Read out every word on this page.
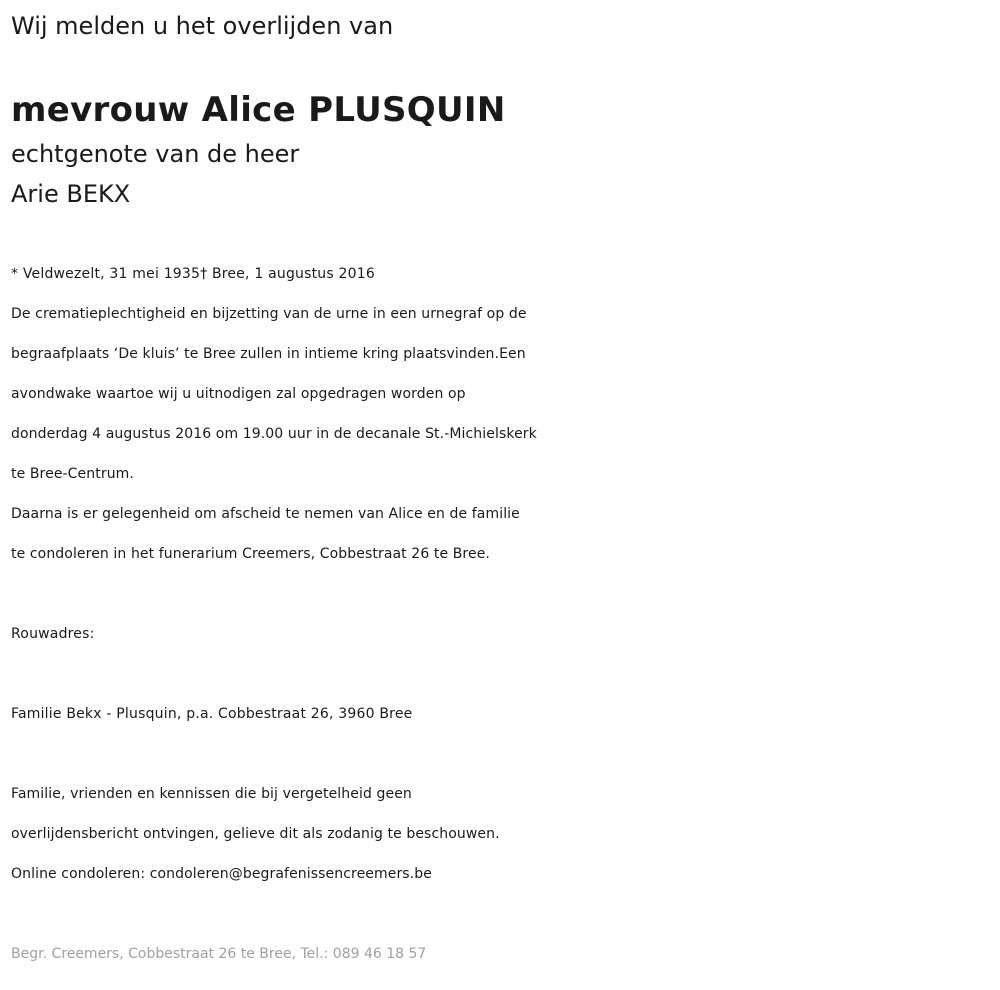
Wij melden u het overlijden van
mevrouw Alice PLUSQUIN
echtgenote van de heer
Arie BEKX
* Veldwezelt, 31 mei 1935† Bree, 1 augustus 2016
De crematieplechtigheid en bijzetting van de urne in een urnegraf op de
begraafplaats ‘De kluis’ te Bree zullen in intieme kring plaatsvinden.Een
avondwake waartoe wij u uitnodigen zal opgedragen worden op
donderdag 4 augustus 2016 om 19.00 uur in de decanale St.-Michielskerk
te Bree-Centrum.
Daarna is er gelegenheid om afscheid te nemen van Alice en de familie
te condoleren in het funerarium Creemers, Cobbestraat 26 te Bree.
Rouwadres:
Familie Bekx - Plusquin, p.a. Cobbestraat 26, 3960 Bree
Familie, vrienden en kennissen die bij vergetelheid geen
overlijdensbericht ontvingen, gelieve dit als zodanig te beschouwen.
Online condoleren: condoleren@begrafenissencreemers.be
Begr. Creemers, Cobbestraat 26 te Bree, Tel.: 089 46 18 57
